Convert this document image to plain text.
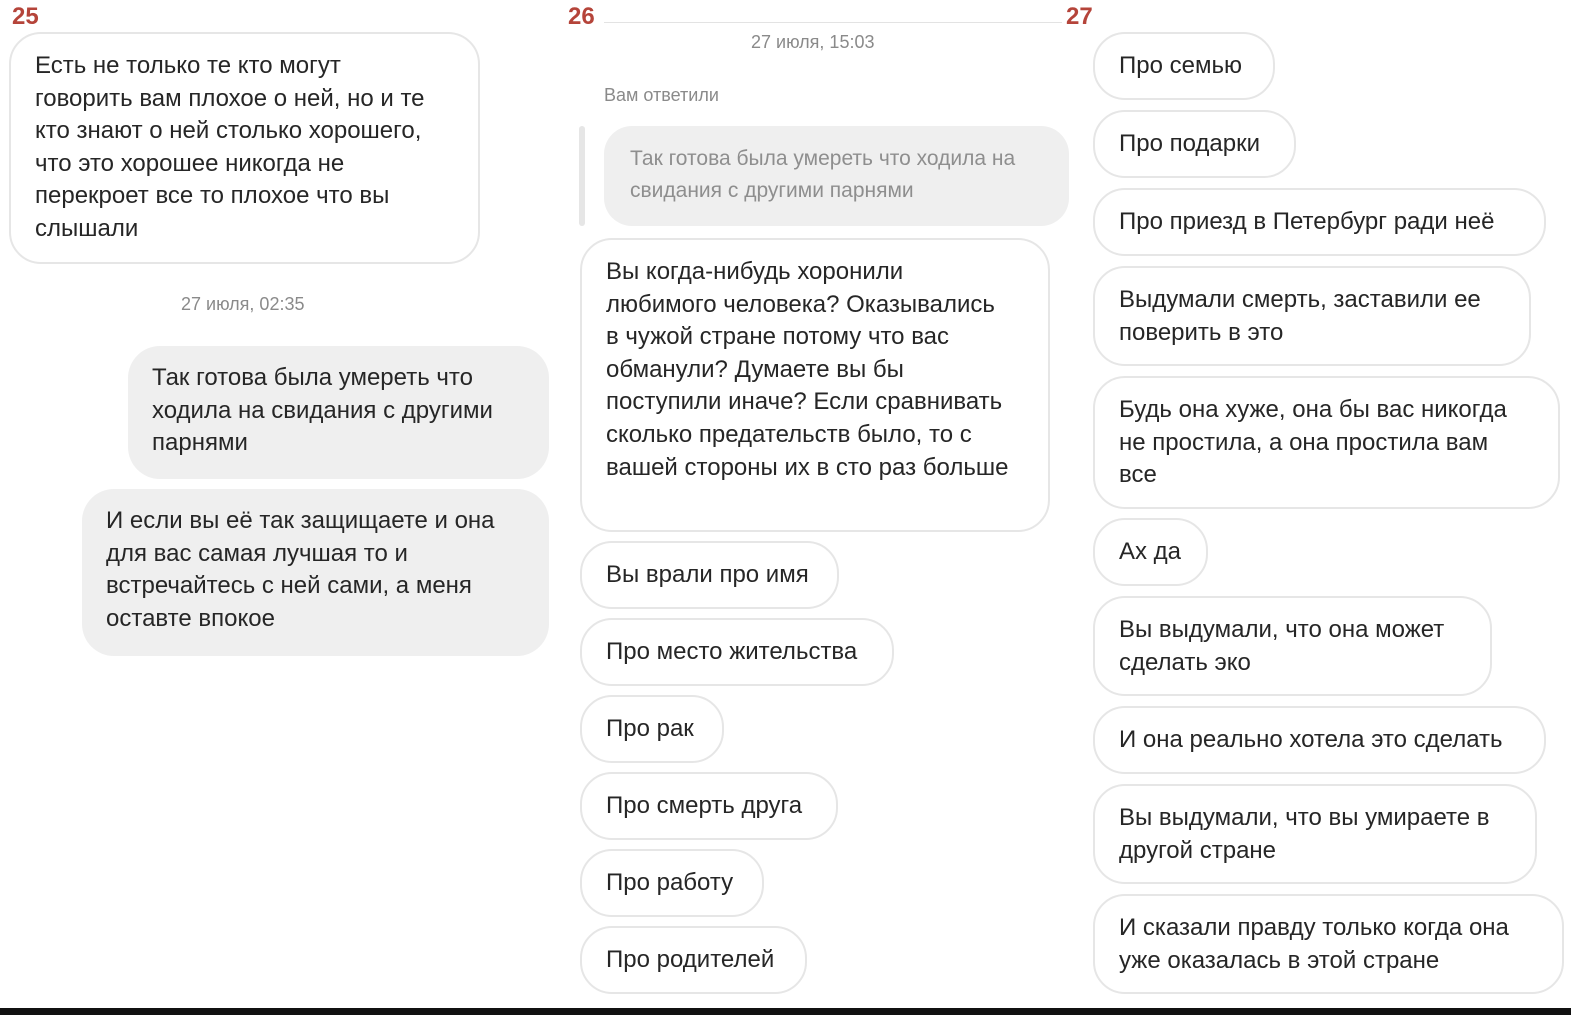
25	26	27
Есть не только те кто могут
говорить вам плохое о ней, но и те
кто знают о ней столько хорошего,
что это хорошее никогда не
перекроет все то плохое что вы
слышали
27 июля, 02:35
Так готова была умереть что
ходила на свидания с другими
парнями
И если вы её так защищаете и она
для вас самая лучшая то и
встречайтесь с ней сами, а меня
оставте впокое
27 июля, 15:03
Вам ответили
Так готова была умереть что ходила на
свидания с другими парнями
Вы когда-нибудь хоронили
любимого человека? Оказывались
в чужой стране потому что вас
обманули? Думаете вы бы
поступили иначе? Если сравнивать
сколько предательств было, то с
вашей стороны их в сто раз больше
Вы врали про имя
Про место жительства
Про рак
Про смерть друга
Про работу
Про родителей
Про семью
Про подарки
Про приезд в Петербург ради неё
Выдумали смерть, заставили ее
поверить в это
Будь она хуже, она бы вас никогда
не простила, а она простила вам
все
Ах да
Вы выдумали, что она может
сделать эко
И она реально хотела это сделать
Вы выдумали, что вы умираете в
другой стране
И сказали правду только когда она
уже оказалась в этой стране
